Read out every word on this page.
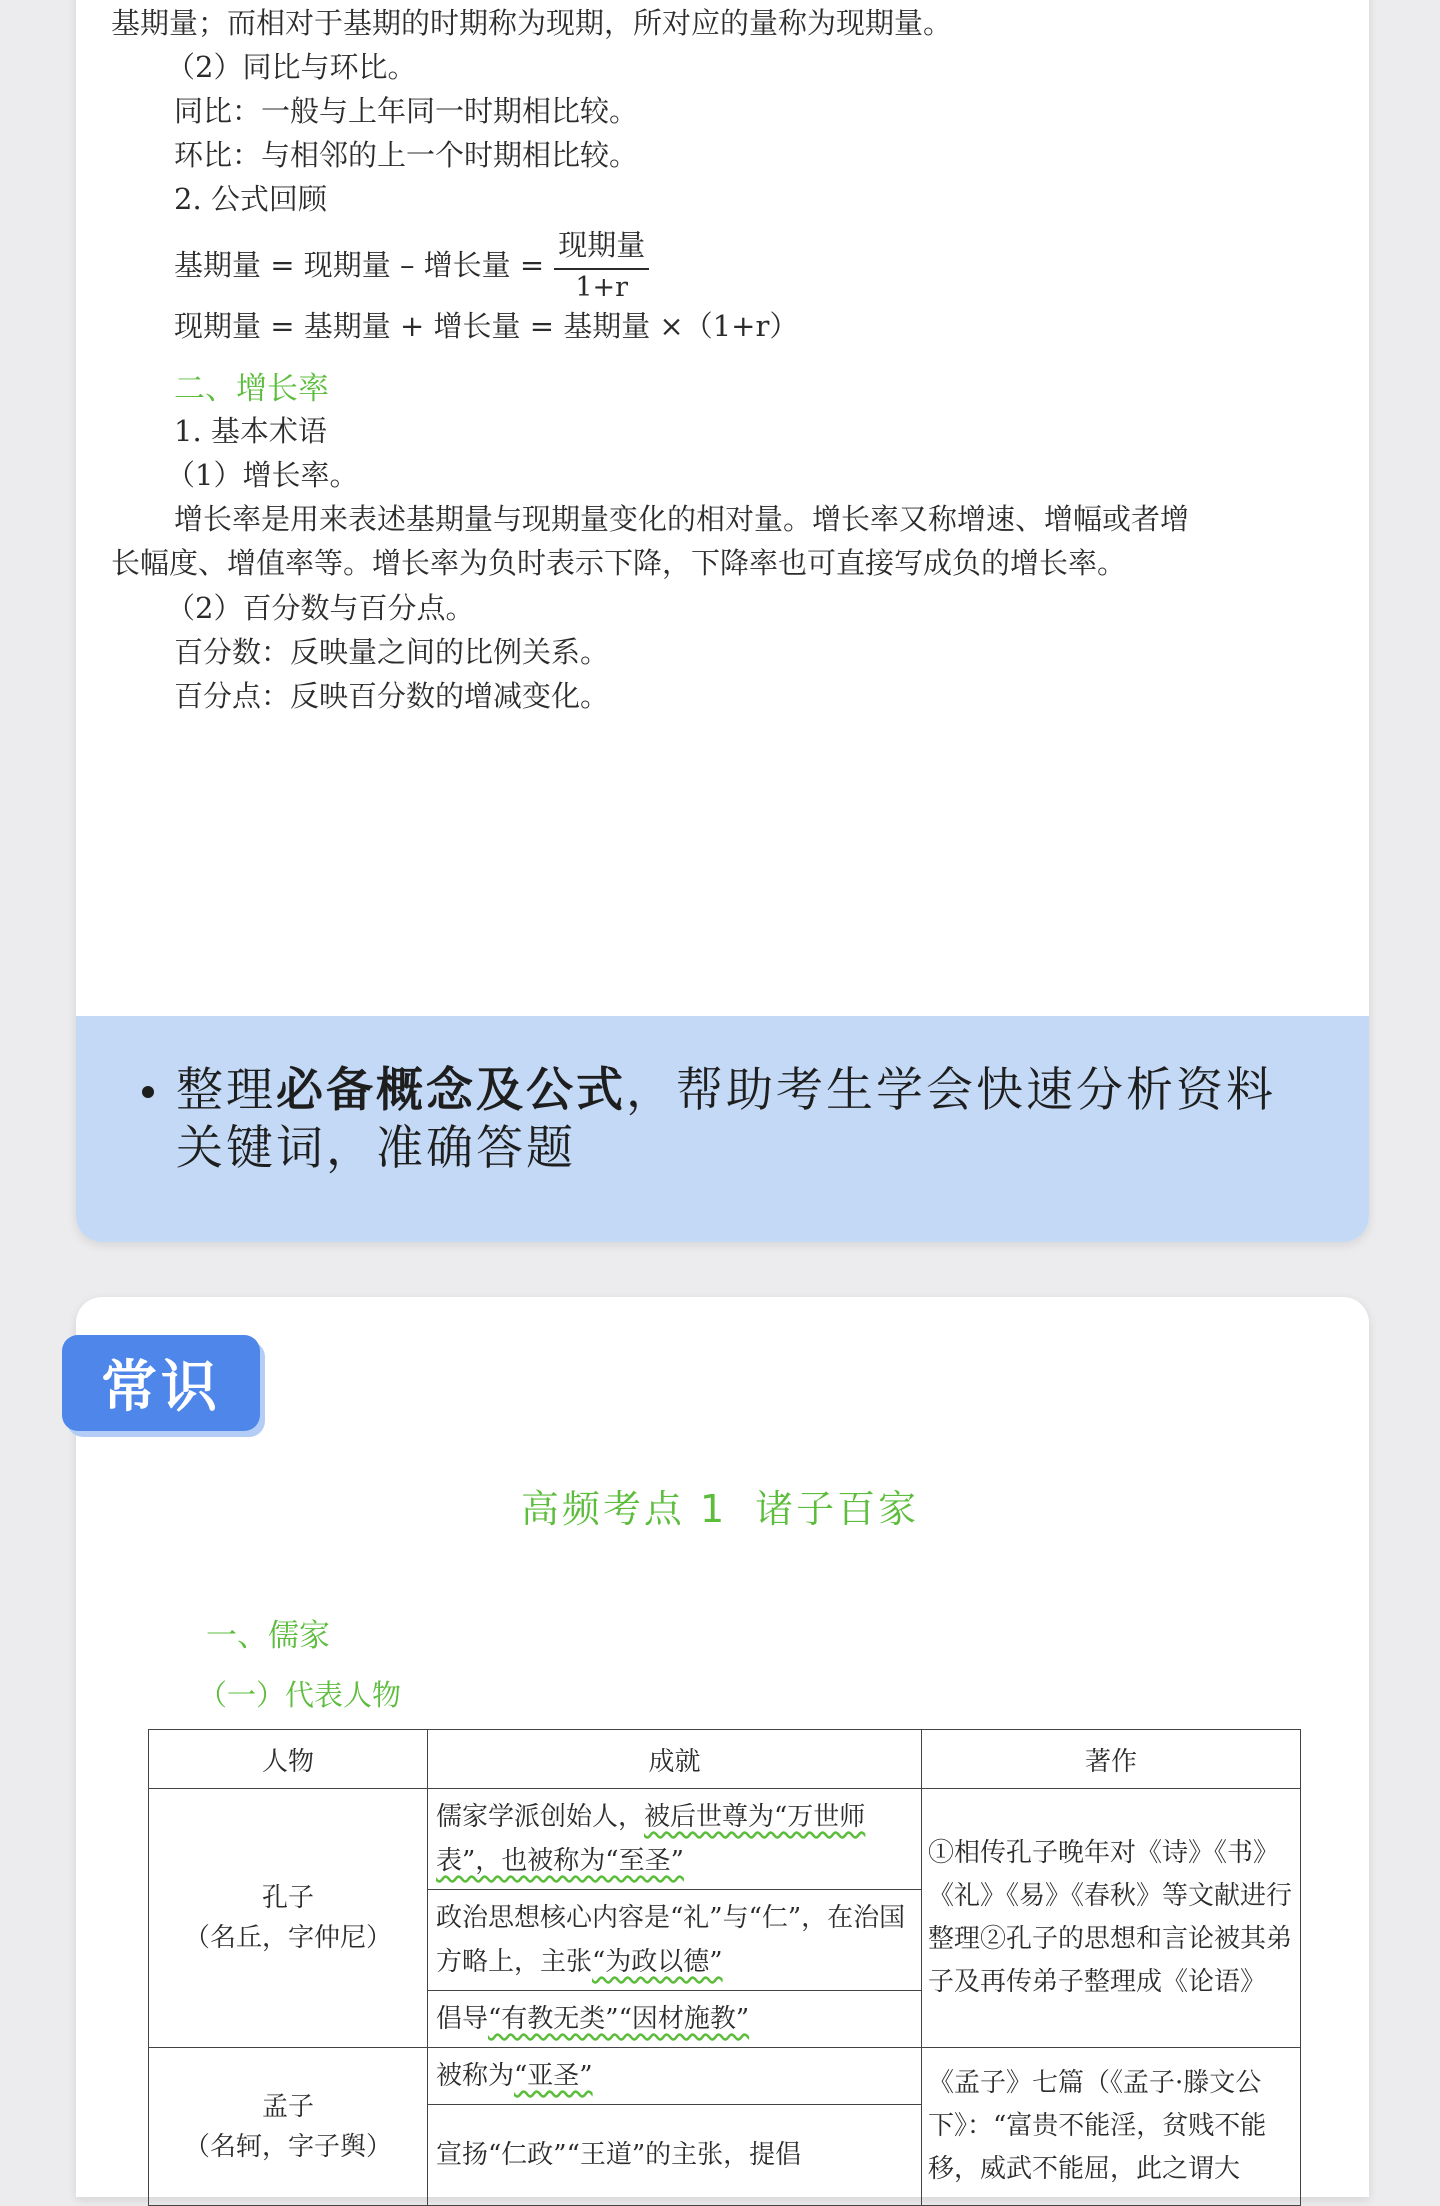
基期量；而相对于基期的时期称为现期，所对应的量称为现期量。
（2）同比与环比。
同比：一般与上年同一时期相比较。
环比：与相邻的上一个时期相比较。
2. 公式回顾
基期量 = 现期量 – 增长量 = $\frac{\text{现期量}}{1+r}$
现期量 = 基期量 + 增长量 = 基期量 ×（1+r）
二、增长率
1. 基本术语
（1）增长率。
增长率是用来表述基期量与现期量变化的相对量。增长率又称增速、增幅或者增
长幅度、增值率等。增长率为负时表示下降，下降率也可直接写成负的增长率。
（2）百分数与百分点。
百分数：反映量之间的比例关系。
百分点：反映百分数的增减变化。
整理必备概念及公式，帮助考生学会快速分析资料关键词，准确答题
常识
高频考点 1 诸子百家
一、儒家
（一）代表人物
人物	成就	著作

孔子
（名丘，字仲尼）	儒家学派创始人，被后世尊为“万世师表”，也被称为“至圣”	①相传孔子晚年对《诗》《书》《礼》《易》《春秋》等文献进行整理②孔子的思想和言论被其弟子及再传弟子整理成《论语》
	政治思想核心内容是“礼”与“仁”，在治国方略上，主张“为政以德”	
	倡导“有教无类”“因材施教”	

孟子
（名轲，字子舆）	被称为“亚圣”	《孟子》七篇（《孟子·滕文公下》：“富贵不能淫，贫贱不能移，威武不能屈，此之谓大
	宣扬“仁政”“王道”的主张，提倡	
